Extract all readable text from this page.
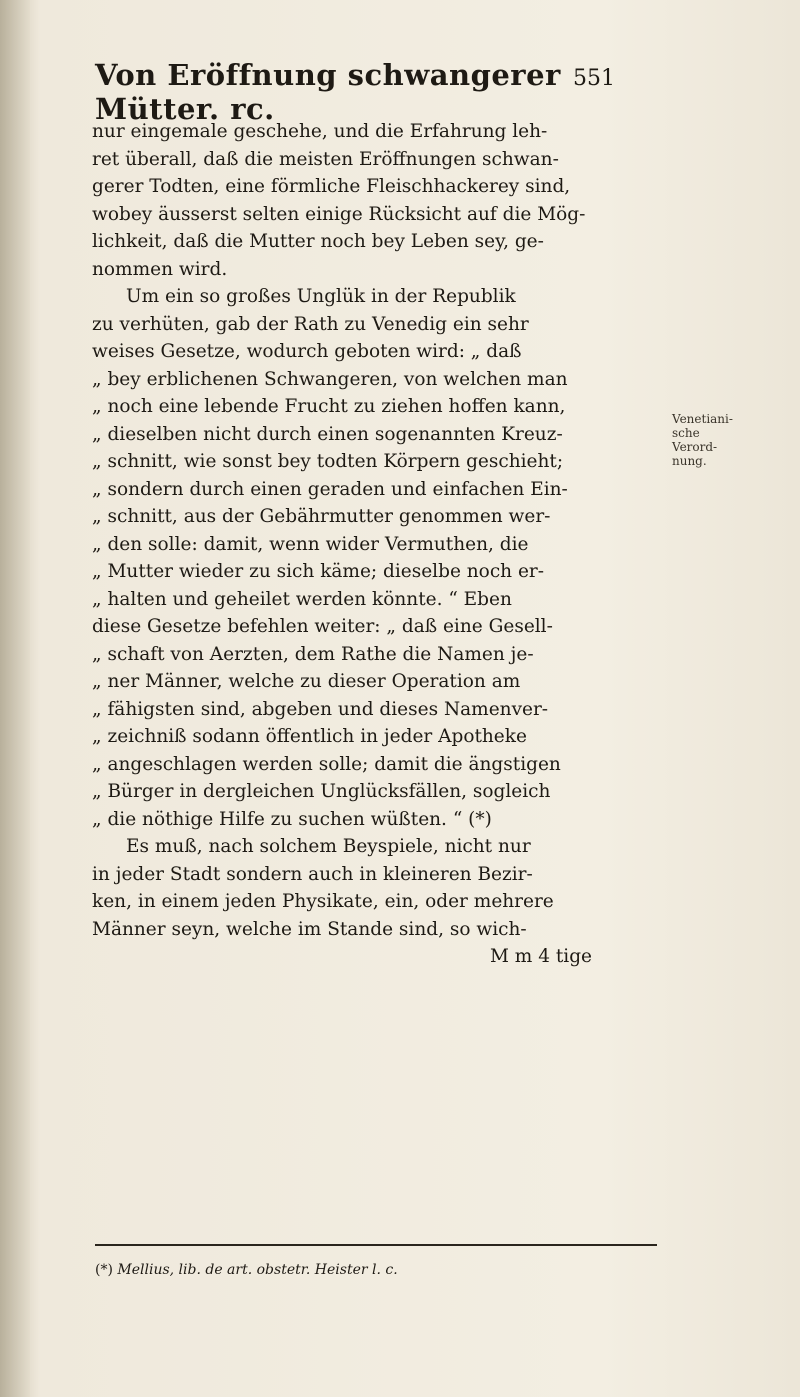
Von Eröffnung schwangerer Mütter. rc.
551
nur eingemale geschehe, und die Erfahrung leh-
ret überall, daß die meisten Eröffnungen schwan-
gerer Todten, eine förmliche Fleischhackerey sind,
wobey äusserst selten einige Rücksicht auf die Mög-
lichkeit, daß die Mutter noch bey Leben sey, ge-
nommen wird.
Um ein so großes Unglük in der Republik
zu verhüten, gab der Rath zu Venedig ein sehr
weises Gesetze, wodurch geboten wird: „ daß
„ bey erblichenen Schwangeren, von welchen man
„ noch eine lebende Frucht zu ziehen hoffen kann,
„ dieselben nicht durch einen sogenannten Kreuz-
„ schnitt, wie sonst bey todten Körpern geschieht;
„ sondern durch einen geraden und einfachen Ein-
„ schnitt, aus der Gebährmutter genommen wer-
„ den solle: damit, wenn wider Vermuthen, die
„ Mutter wieder zu sich käme; dieselbe noch er-
„ halten und geheilet werden könnte. “ Eben
diese Gesetze befehlen weiter: „ daß eine Gesell-
„ schaft von Aerzten, dem Rathe die Namen je-
„ ner Männer, welche zu dieser Operation am
„ fähigsten sind, abgeben und dieses Namenver-
„ zeichniß sodann öffentlich in jeder Apotheke
„ angeschlagen werden solle; damit die ängstigen
„ Bürger in dergleichen Unglücksfällen, sogleich
„ die nöthige Hilfe zu suchen wüßten. “ (*)
Es muß, nach solchem Beyspiele, nicht nur
in jeder Stadt sondern auch in kleineren Bezir-
ken, in einem jeden Physikate, ein, oder mehrere
Männer seyn, welche im Stande sind, so wich-
M m 4 tige
Venetiani-sche Verord-nung.
(*) Mellius, lib. de art. obstetr. Heister l. c.
